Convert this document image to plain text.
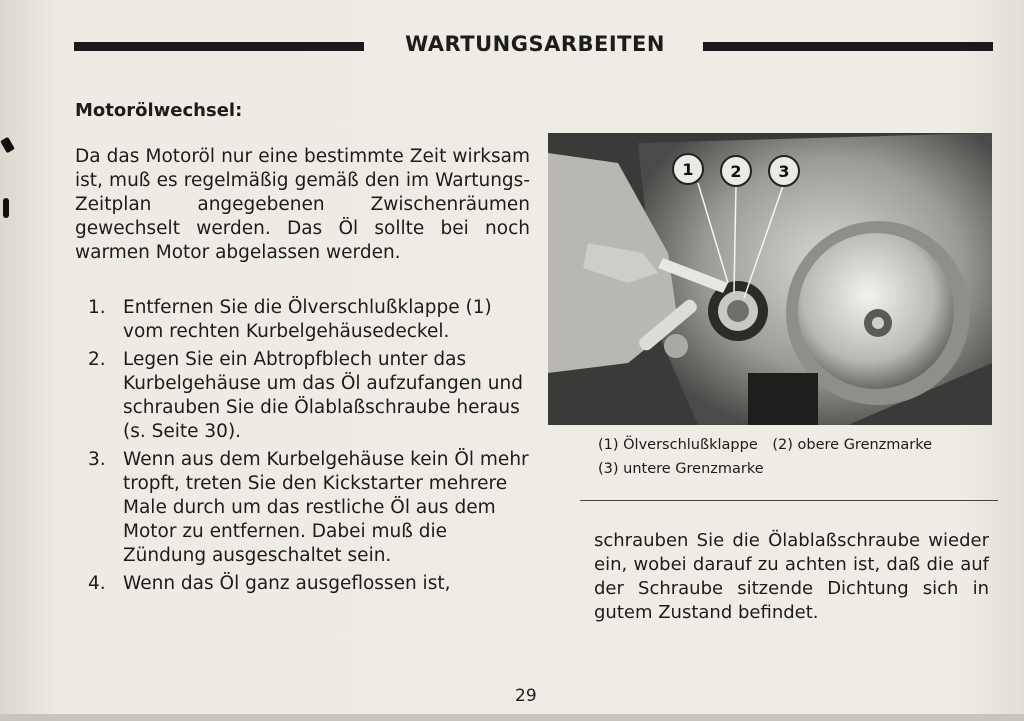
WARTUNGSARBEITEN
Motorölwechsel:
Da das Motoröl nur eine bestimmte Zeit wirksam ist, muß es regelmäßig gemäß den im Wartungs-Zeitplan angegebenen Zwischenräumen gewechselt werden. Das Öl sollte bei noch warmen Motor abgelassen werden.
1. Entfernen Sie die Ölverschlußklappe (1) vom rechten Kurbelgehäusedeckel.
2. Legen Sie ein Abtropfblech unter das Kurbelgehäuse um das Öl aufzufangen und schrauben Sie die Ölablaßschraube heraus (s. Seite 30).
3. Wenn aus dem Kurbelgehäuse kein Öl mehr tropft, treten Sie den Kickstarter mehrere Male durch um das restliche Öl aus dem Motor zu entfernen. Dabei muß die Zündung ausgeschaltet sein.
4. Wenn das Öl ganz ausgeflossen ist,
1 2 3
(1) Ölverschlußklappe (2) obere Grenzmarke
(3) untere Grenzmarke
schrauben Sie die Ölablaßschraube wieder ein, wobei darauf zu achten ist, daß die auf der Schraube sitzende Dichtung sich in gutem Zustand befindet.
29
